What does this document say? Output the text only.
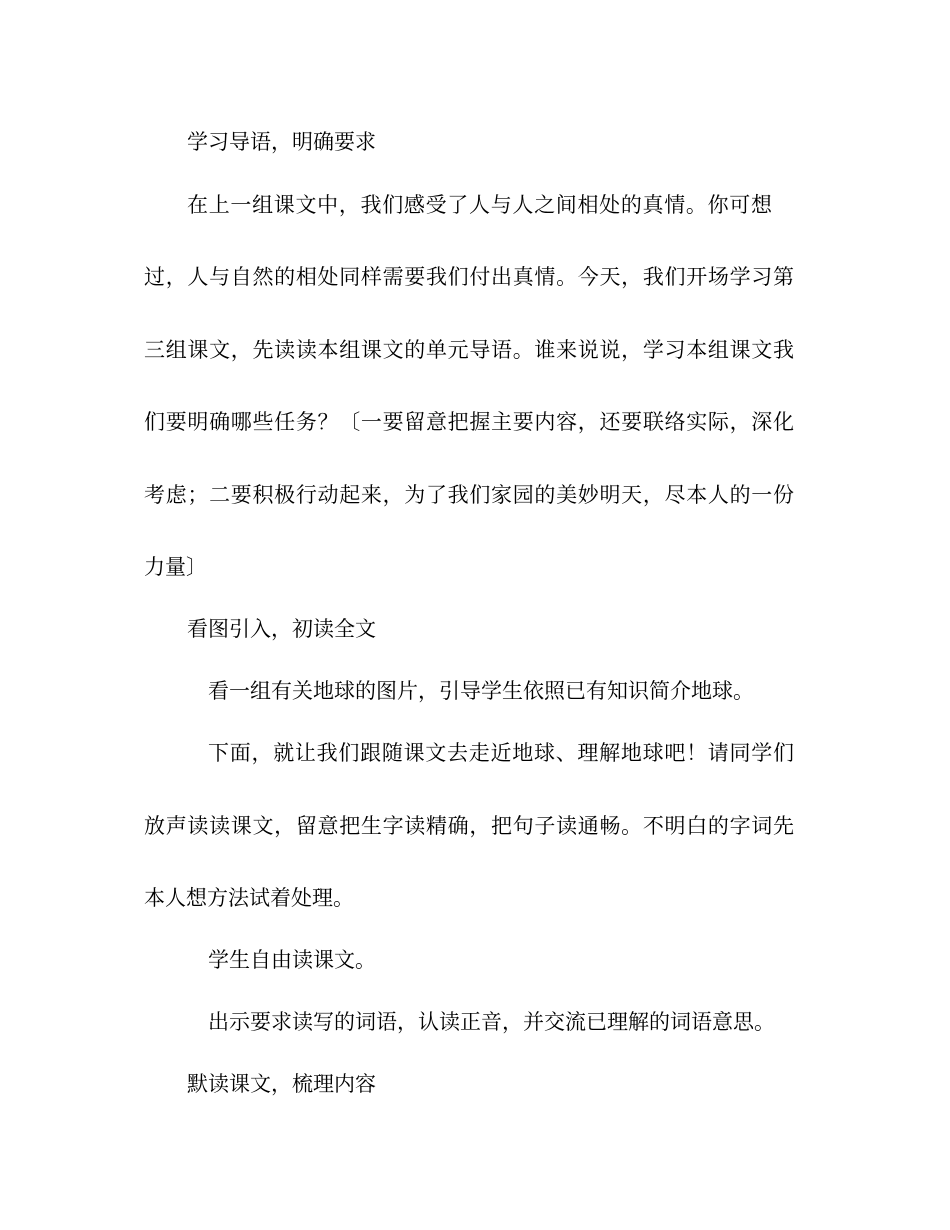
学习导语，明确要求
在上一组课文中，我们感受了人与人之间相处的真情。你可想
过，人与自然的相处同样需要我们付出真情。今天，我们开场学习第
三组课文，先读读本组课文的单元导语。谁来说说，学习本组课文我
们要明确哪些任务？〔一要留意把握主要内容，还要联络实际，深化
考虑；二要积极行动起来，为了我们家园的美妙明天，尽本人的一份
力量〕
看图引入，初读全文
看一组有关地球的图片，引导学生依照已有知识简介地球。
下面，就让我们跟随课文去走近地球、理解地球吧！请同学们
放声读读课文，留意把生字读精确，把句子读通畅。不明白的字词先
本人想方法试着处理。
学生自由读课文。
出示要求读写的词语，认读正音，并交流已理解的词语意思。
默读课文，梳理内容
